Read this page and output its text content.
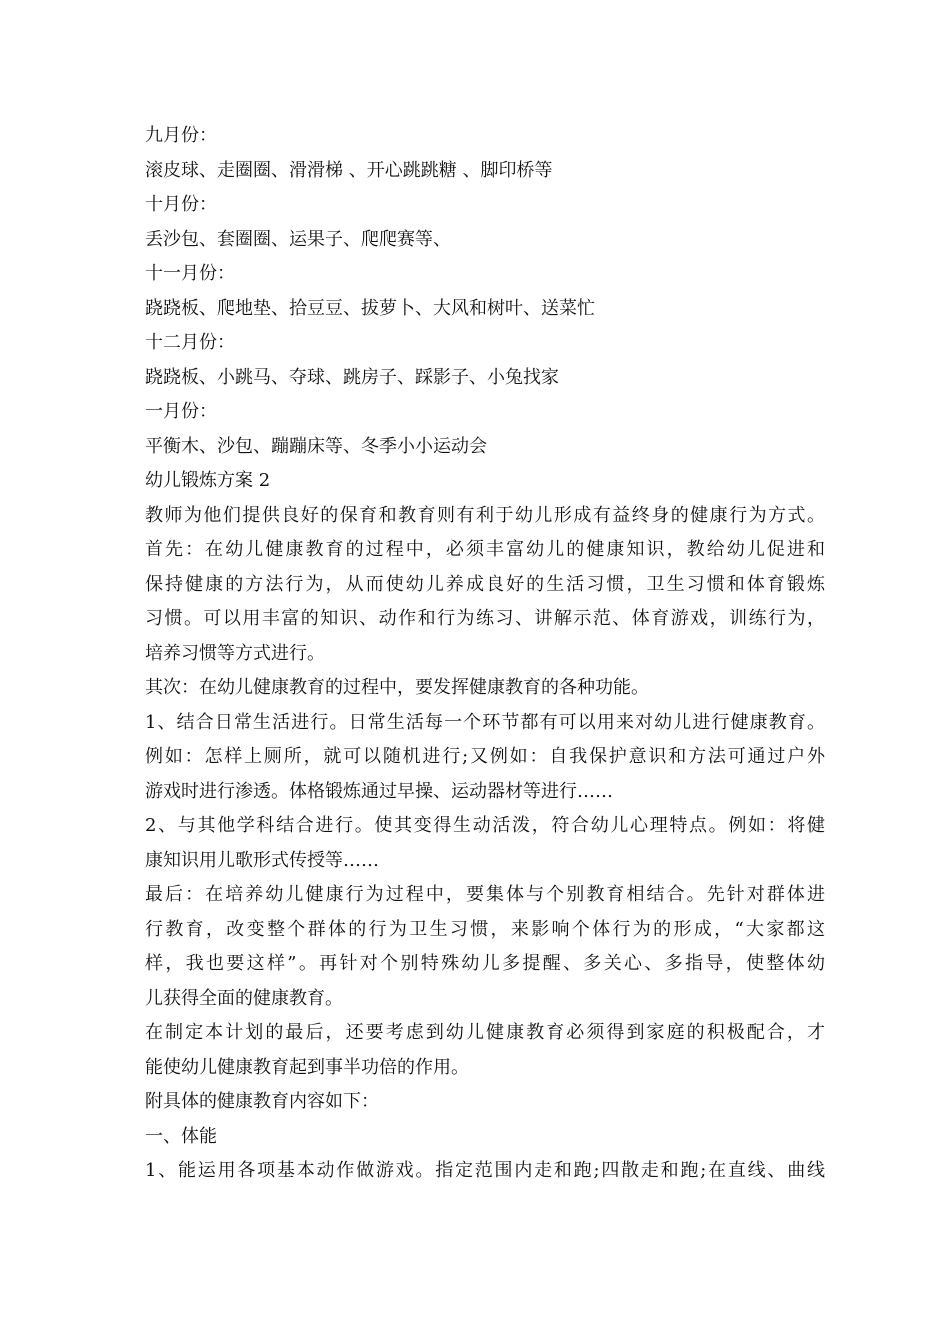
九月份：

滚皮球、走圈圈、滑滑梯 、开心跳跳糖 、脚印桥等

十月份：

丢沙包、套圈圈、运果子、爬爬赛等、

十一月份：

跷跷板、爬地垫、拾豆豆、拔萝卜、大风和树叶、送菜忙

十二月份：

跷跷板、小跳马、夺球、跳房子、踩影子、小兔找家

一月份：

平衡木、沙包、蹦蹦床等、冬季小小运动会

幼儿锻炼方案 2

教师为他们提供良好的保育和教育则有利于幼儿形成有益终身的健康行为方式。

首先：在幼儿健康教育的过程中，必须丰富幼儿的健康知识，教给幼儿促进和

保持健康的方法行为，从而使幼儿养成良好的生活习惯，卫生习惯和体育锻炼

习惯。可以用丰富的知识、动作和行为练习、讲解示范、体育游戏，训练行为，

培养习惯等方式进行。

其次：在幼儿健康教育的过程中，要发挥健康教育的各种功能。

1、结合日常生活进行。日常生活每一个环节都有可以用来对幼儿进行健康教育。

例如：怎样上厕所，就可以随机进行;又例如：自我保护意识和方法可通过户外

游戏时进行渗透。体格锻炼通过早操、运动器材等进行……

2、与其他学科结合进行。使其变得生动活泼，符合幼儿心理特点。例如：将健

康知识用儿歌形式传授等……

最后：在培养幼儿健康行为过程中，要集体与个别教育相结合。先针对群体进

行教育，改变整个群体的行为卫生习惯，来影响个体行为的形成，“大家都这

样，我也要这样”。再针对个别特殊幼儿多提醒、多关心、多指导，使整体幼

儿获得全面的健康教育。

在制定本计划的最后，还要考虑到幼儿健康教育必须得到家庭的积极配合，才

能使幼儿健康教育起到事半功倍的作用。

附具体的健康教育内容如下：

一、体能

1、能运用各项基本动作做游戏。指定范围内走和跑;四散走和跑;在直线、曲线
